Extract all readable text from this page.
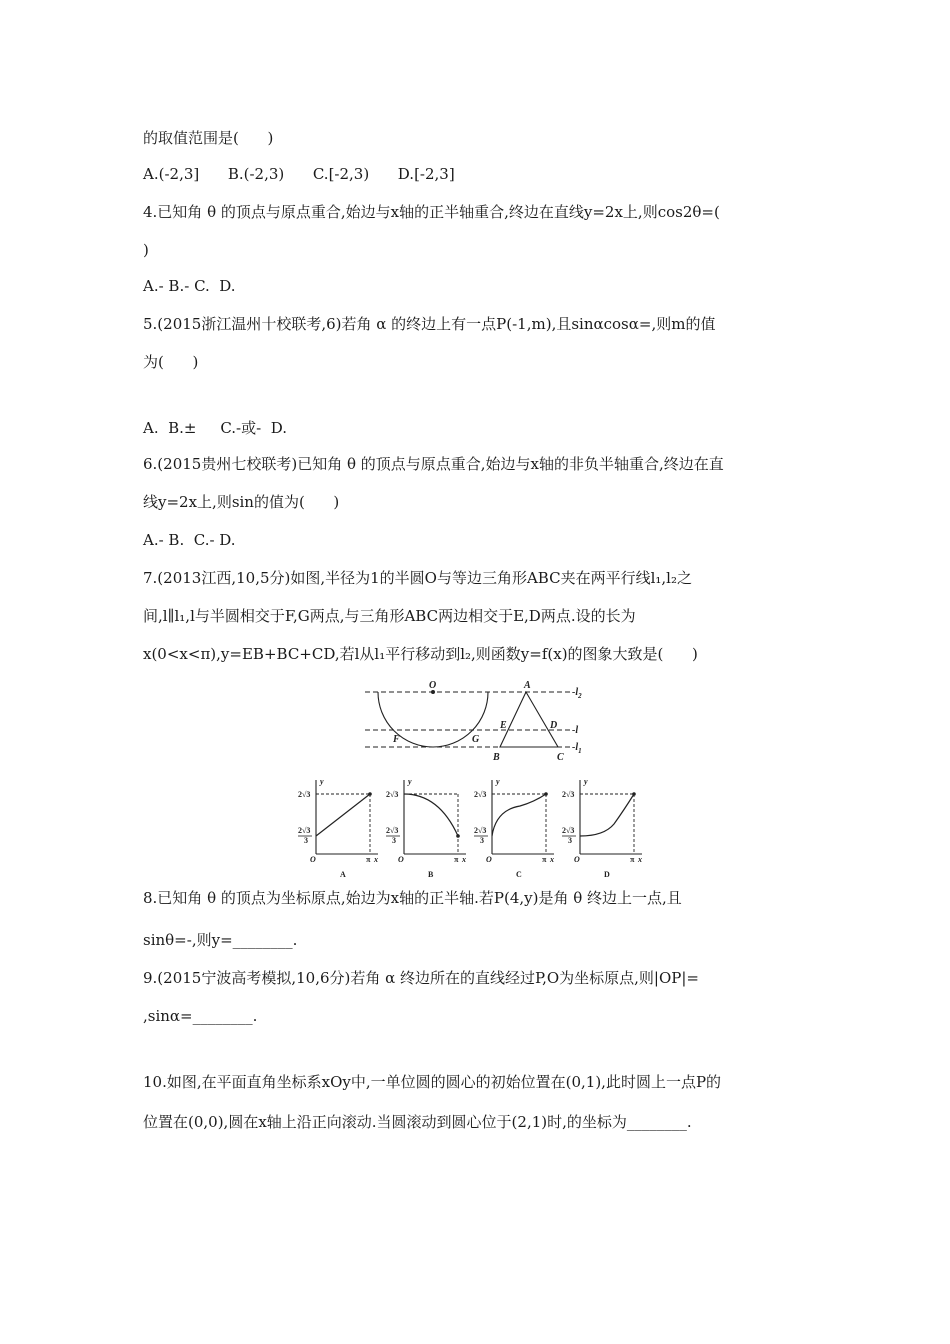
的取值范围是(      )
A.(-2,3]      B.(-2,3)      C.[-2,3)      D.[-2,3]
4.已知角 θ 的顶点与原点重合,始边与x轴的正半轴重合,终边在直线y=2x上,则cos2θ=(
)
A.- B.- C.  D.
5.(2015浙江温州十校联考,6)若角 α 的终边上有一点P(-1,m),且sinαcosα=,则m的值
为(      )
A.  B.±     C.-或-  D.
6.(2015贵州七校联考)已知角 θ 的顶点与原点重合,始边与x轴的非负半轴重合,终边在直
线y=2x上,则sin的值为(      )
A.- B.  C.- D.
7.(2013江西,10,5分)如图,半径为1的半圆O与等边三角形ABC夹在两平行线l₁,l₂之
间,l∥l₁,l与半圆相交于F,G两点,与三角形ABC两边相交于E,D两点.设的长为
x(0<x<π),y=EB+BC+CD,若l从l₁平行移动到l₂,则函数y=f(x)的图象大致是(      )
8.已知角 θ 的顶点为坐标原点,始边为x轴的正半轴.若P(4,y)是角 θ 终边上一点,且
sinθ=-,则y=________.
9.(2015宁波高考模拟,10,6分)若角 α 终边所在的直线经过P,O为坐标原点,则|OP|=
,sinα=________.
10.如图,在平面直角坐标系xOy中,一单位圆的圆心的初始位置在(0,1),此时圆上一点P的
位置在(0,0),圆在x轴上沿正向滚动.当圆滚动到圆心位于(2,1)时,的坐标为________.
O	A
E	D
F	G
B	C
$-l_2$
-l
$-l_1$
2√3
2√3
3
O	π x
y
A
2√3
2√3
3
O	π x
y
B
2√3
2√3
3
O	π x
y
C
2√3
2√3
3
O	π x
y
D
